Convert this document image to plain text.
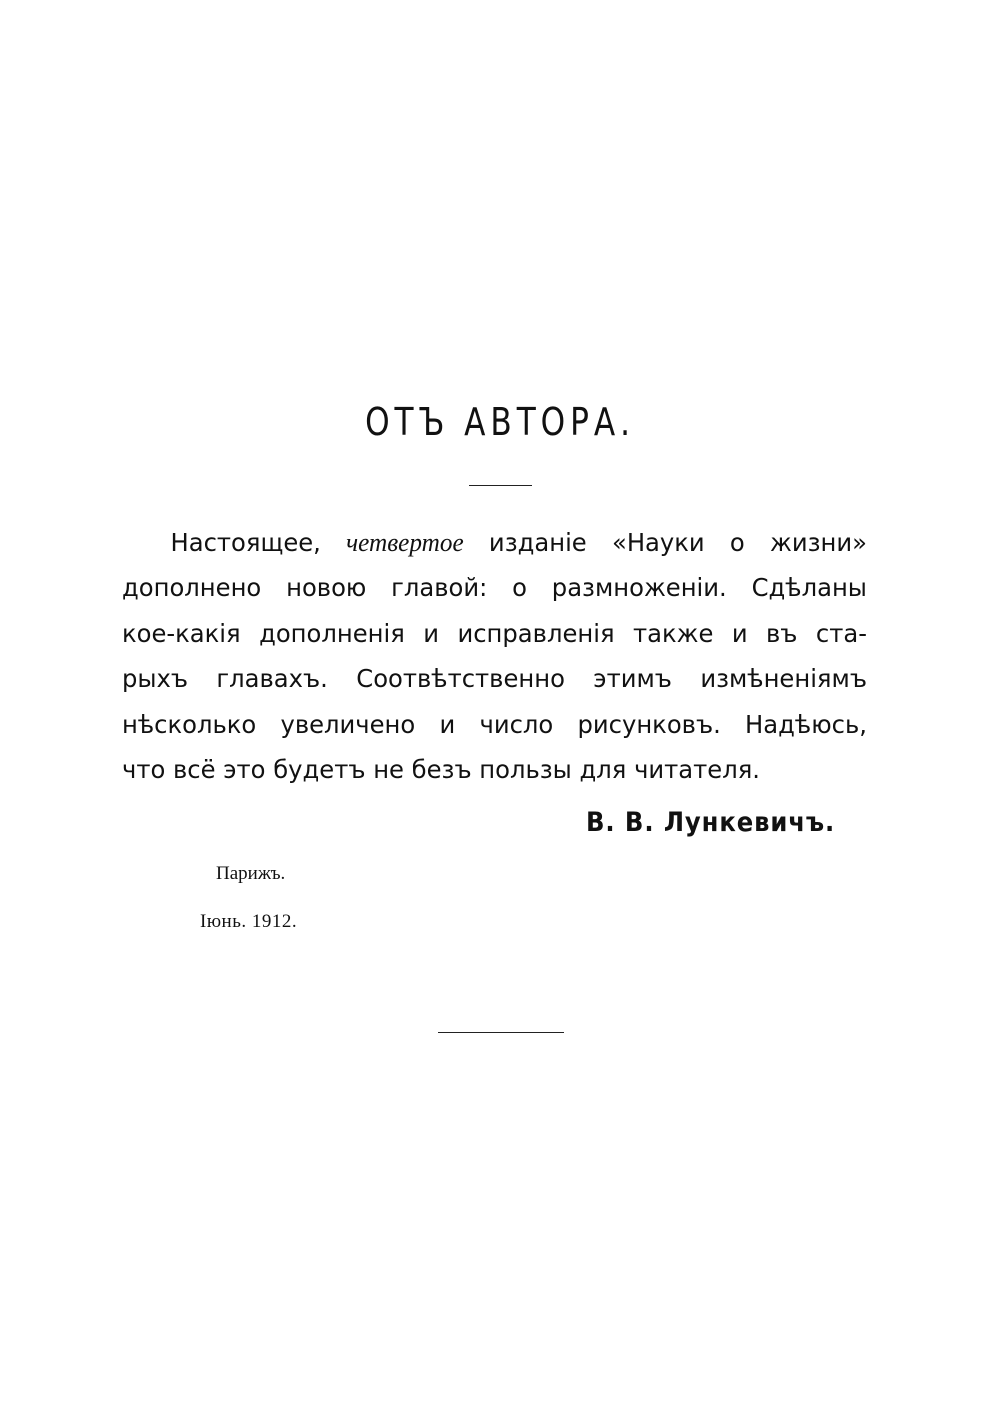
ОТЪ АВТОРА.
Настоящее, четвертое изданіе «Науки о жизни»
дополнено новою главой: о размноженіи. Сдѣланы
кое-какія дополненія и исправленія также и въ ста-
рыхъ главахъ. Соотвѣтственно этимъ измѣненіямъ
нѣсколько увеличено и число рисунковъ. Надѣюсь,
что всё это будетъ не безъ пользы для читателя.
В. В. Лункевичъ.
Парижъ.
Іюнь. 1912.
